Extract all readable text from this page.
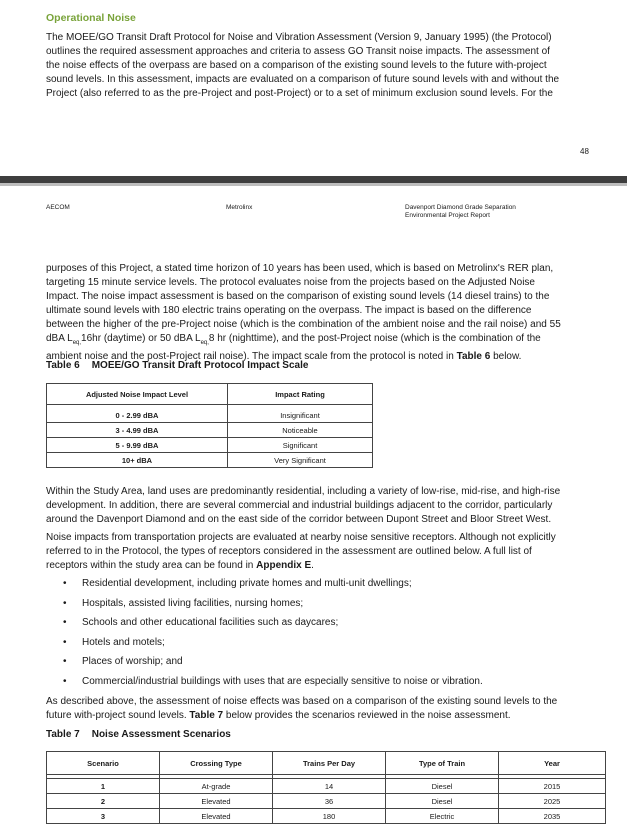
Operational Noise
The MOEE/GO Transit Draft Protocol for Noise and Vibration Assessment (Version 9, January 1995) (the Protocol)
outlines the required assessment approaches and criteria to assess GO Transit noise impacts. The assessment of
the noise effects of the overpass are based on a comparison of the existing sound levels to the future with-project
sound levels. In this assessment, impacts are evaluated on a comparison of future sound levels with and without the
Project (also referred to as the pre-Project and post-Project) or to a set of minimum exclusion sound levels. For the
48
AECOM	Metrolinx	Davenport Diamond Grade Separation
Environmental Project Report
purposes of this Project, a stated time horizon of 10 years has been used, which is based on Metrolinx's RER plan,
targeting 15 minute service levels. The protocol evaluates noise from the projects based on the Adjusted Noise
Impact. The noise impact assessment is based on the comparison of existing sound levels (14 diesel trains) to the
ultimate sound levels with 180 electric trains operating on the overpass. The impact is based on the difference
between the higher of the pre-Project noise (which is the combination of the ambient noise and the rail noise) and 55
dBA $L_{eq,}16hr$ (daytime) or 50 dBA $L_{eq,}8$ hr (nighttime), and the post-Project noise (which is the combination of the
ambient noise and the post-Project rail noise). The impact scale from the protocol is noted in Table 6 below.
Table 6 MOEE/GO Transit Draft Protocol Impact Scale
Adjusted Noise Impact Level	Impact Rating
0 - 2.99 dBA	Insignificant
3 - 4.99 dBA	Noticeable
5 - 9.99 dBA	Significant
10+ dBA	Very Significant
Within the Study Area, land uses are predominantly residential, including a variety of low-rise, mid-rise, and high-rise
development. In addition, there are several commercial and industrial buildings adjacent to the corridor, particularly
around the Davenport Diamond and on the east side of the corridor between Dupont Street and Bloor Street West.
Noise impacts from transportation projects are evaluated at nearby noise sensitive receptors. Although not explicitly
referred to in the Protocol, the types of receptors considered in the assessment are outlined below. A full list of
receptors within the study area can be found in Appendix E.
• Residential development, including private homes and multi-unit dwellings;
• Hospitals, assisted living facilities, nursing homes;
• Schools and other educational facilities such as daycares;
• Hotels and motels;
• Places of worship; and
• Commercial/industrial buildings with uses that are especially sensitive to noise or vibration.
As described above, the assessment of noise effects was based on a comparison of the existing sound levels to the
future with-project sound levels. Table 7 below provides the scenarios reviewed in the noise assessment.
Table 7 Noise Assessment Scenarios
Scenario	Crossing Type	Trains Per Day	Type of Train	Year

1	At-grade	14	Diesel	2015
2	Elevated	36	Diesel	2025
3	Elevated	180	Electric	2035
